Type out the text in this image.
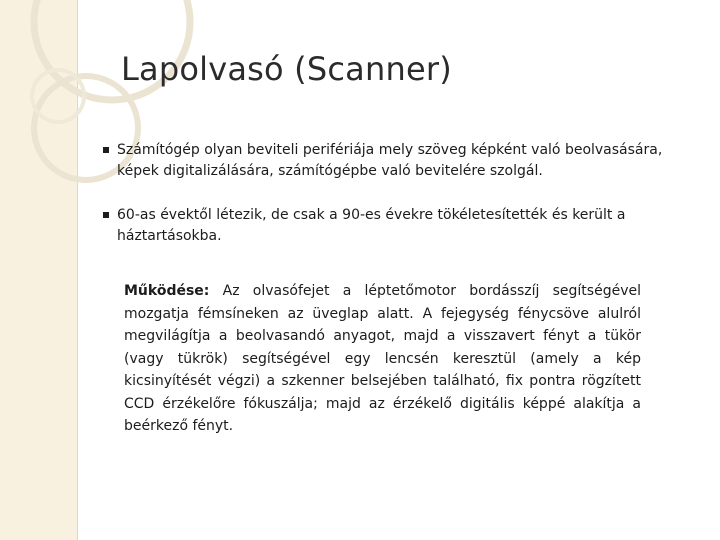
Lapolvasó (Scanner)
Számítógép olyan beviteli perifériája mely szöveg képként való beolvasására, képek digitalizálására, számítógépbe való bevitelére szolgál.
60-as évektől létezik, de csak a 90-es évekre tökéletesítették és került a háztartásokba.

Működése: Az olvasófejet a léptetőmotor bordásszíj segítségével mozgatja fémsíneken az üveglap alatt. A fejegység fénycsöve alulról megvilágítja a beolvasandó anyagot, majd a visszavert fényt a tükör (vagy tükrök) segítségével egy lencsén keresztül (amely a kép kicsinyítését végzi) a szkenner belsejében található, fix pontra rögzített CCD érzékelőre fókuszálja; majd az érzékelő digitális képpé alakítja a beérkező fényt.
